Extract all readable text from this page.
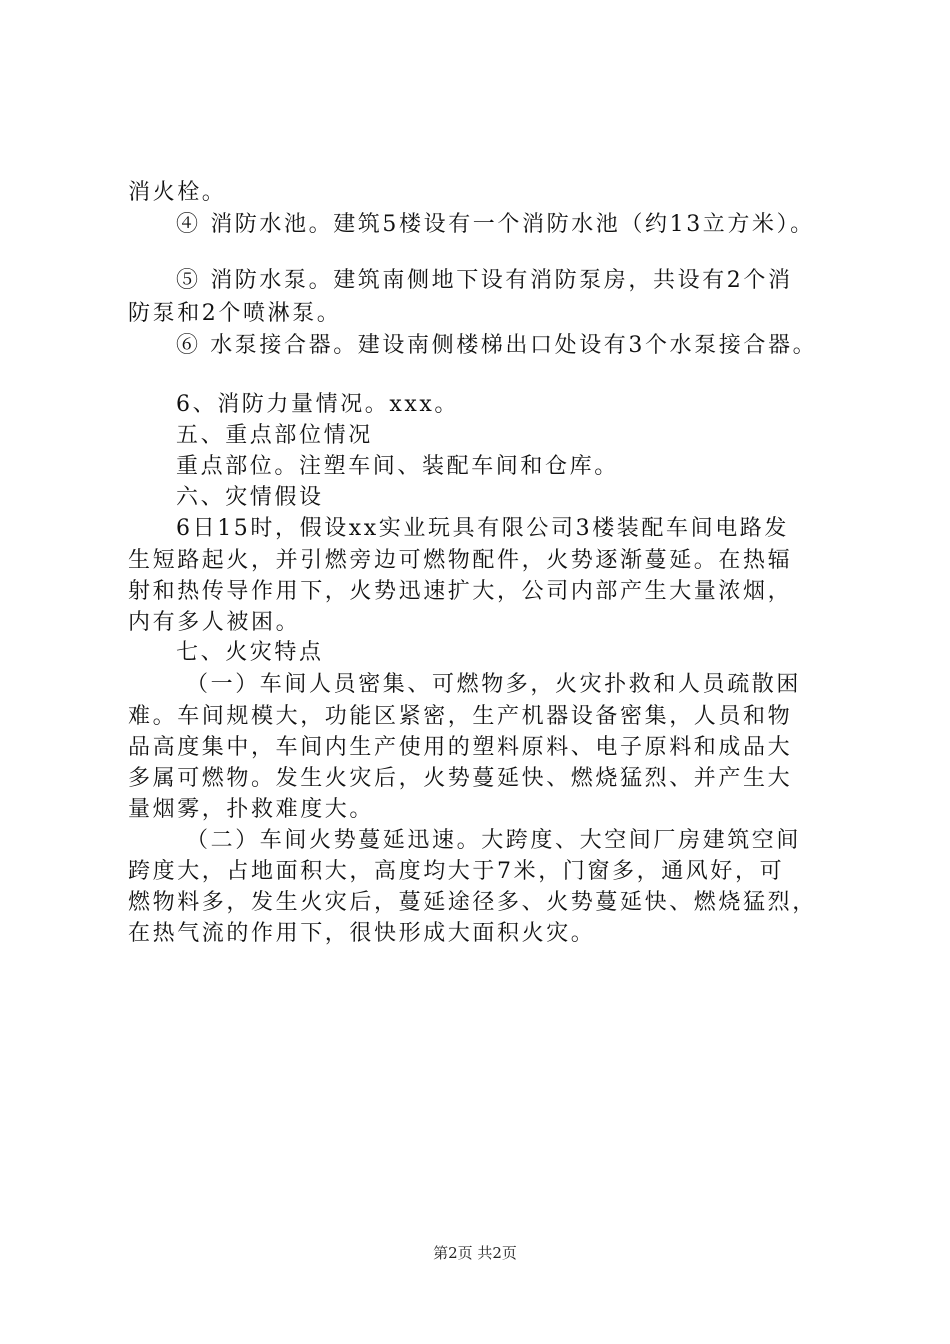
消火栓。
④ 消防水池。建筑5楼设有一个消防水池（约13立方米）。
⑤ 消防水泵。建筑南侧地下设有消防泵房，共设有2个消
防泵和2个喷淋泵。
⑥ 水泵接合器。建设南侧楼梯出口处设有3个水泵接合器。
6、消防力量情况。xxx。
五、重点部位情况
重点部位。注塑车间、装配车间和仓库。
六、灾情假设
6日15时，假设xx实业玩具有限公司3楼装配车间电路发
生短路起火，并引燃旁边可燃物配件，火势逐渐蔓延。在热辐
射和热传导作用下，火势迅速扩大，公司内部产生大量浓烟，
内有多人被困。
七、火灾特点
（一）车间人员密集、可燃物多，火灾扑救和人员疏散困
难。车间规模大，功能区紧密，生产机器设备密集，人员和物
品高度集中，车间内生产使用的塑料原料、电子原料和成品大
多属可燃物。发生火灾后，火势蔓延快、燃烧猛烈、并产生大
量烟雾，扑救难度大。
（二）车间火势蔓延迅速。大跨度、大空间厂房建筑空间
跨度大，占地面积大，高度均大于7米，门窗多，通风好，可
燃物料多，发生火灾后，蔓延途径多、火势蔓延快、燃烧猛烈，
在热气流的作用下，很快形成大面积火灾。
第2页 共2页
